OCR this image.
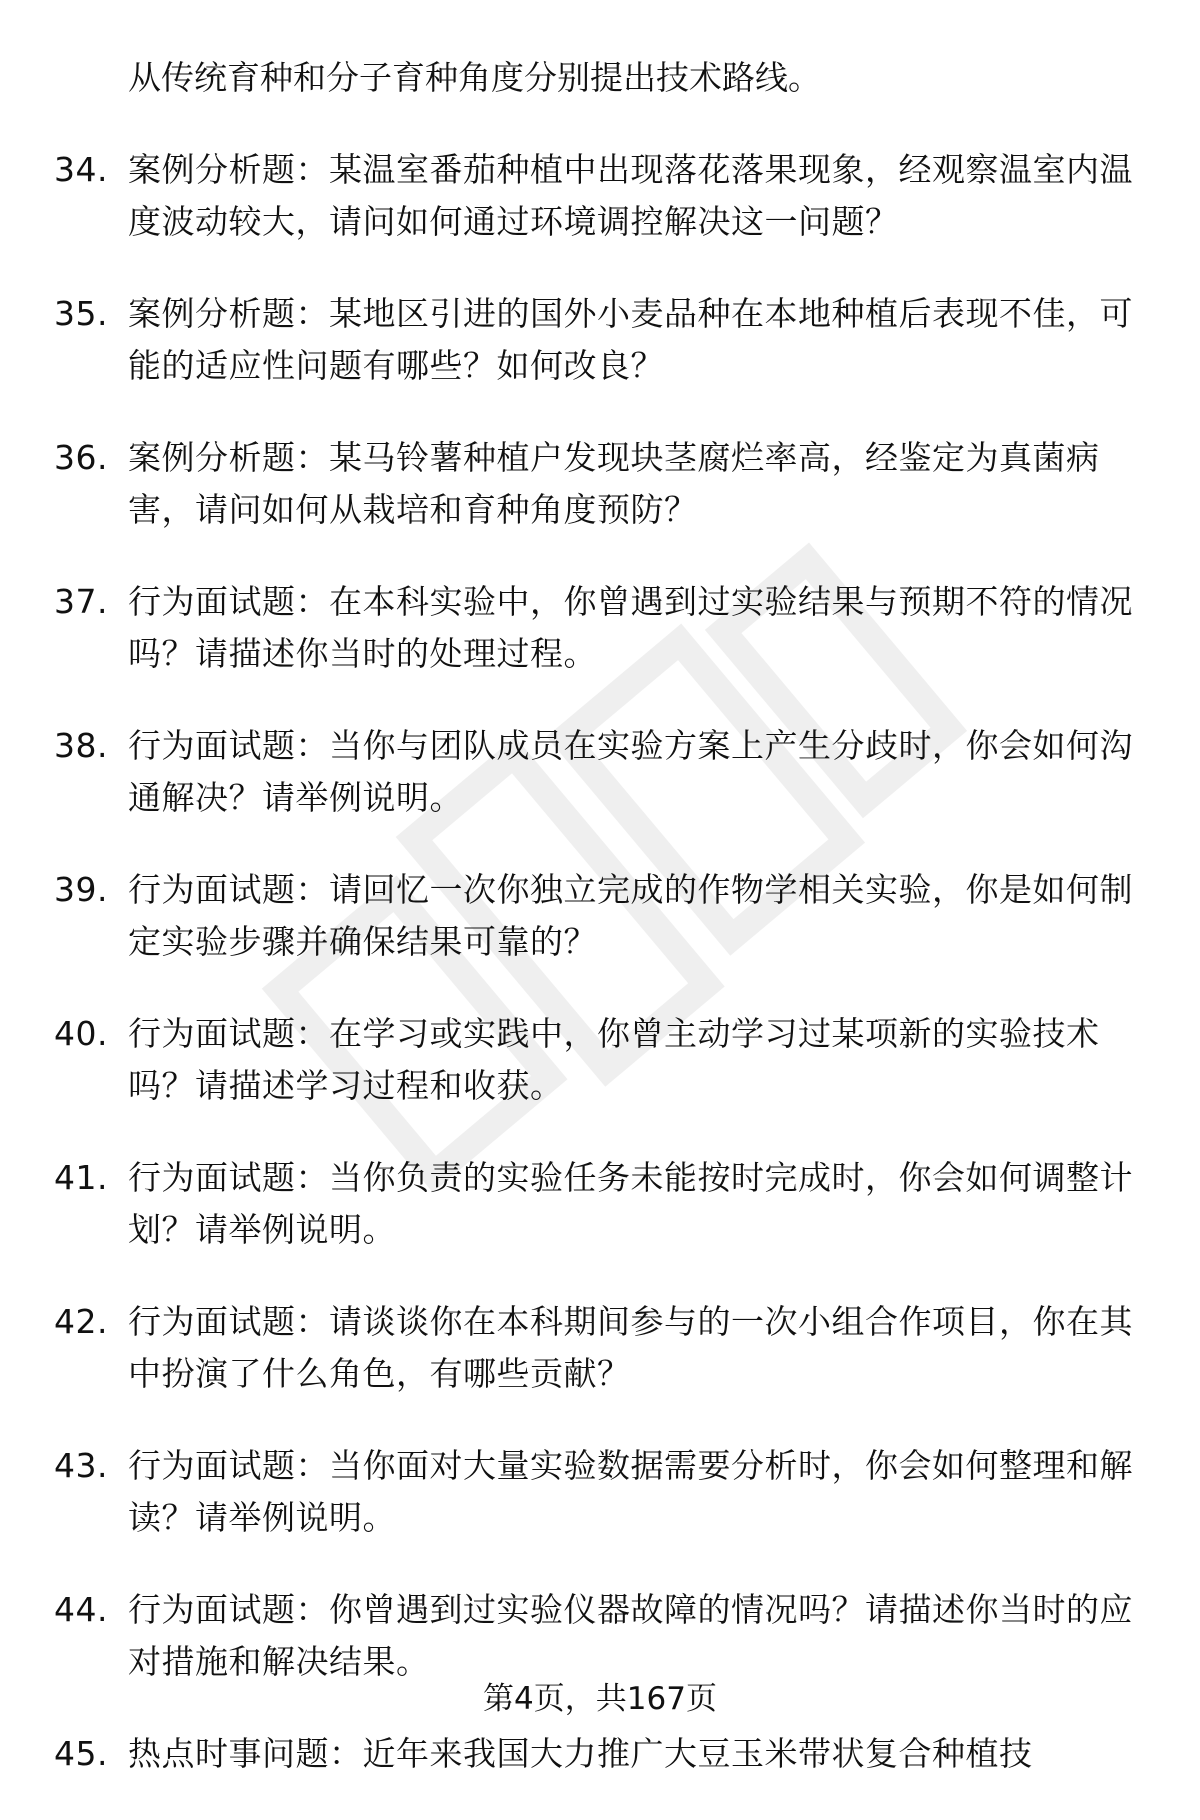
从传统育种和分子育种角度分别提出技术路线。
34. 案例分析题：某温室番茄种植中出现落花落果现象，经观察温室内温度波动较大，请问如何通过环境调控解决这一问题？
35. 案例分析题：某地区引进的国外小麦品种在本地种植后表现不佳，可能的适应性问题有哪些？如何改良？
36. 案例分析题：某马铃薯种植户发现块茎腐烂率高，经鉴定为真菌病害，请问如何从栽培和育种角度预防？
37. 行为面试题：在本科实验中，你曾遇到过实验结果与预期不符的情况吗？请描述你当时的处理过程。
38. 行为面试题：当你与团队成员在实验方案上产生分歧时，你会如何沟通解决？请举例说明。
39. 行为面试题：请回忆一次你独立完成的作物学相关实验，你是如何制定实验步骤并确保结果可靠的？
40. 行为面试题：在学习或实践中，你曾主动学习过某项新的实验技术吗？请描述学习过程和收获。
41. 行为面试题：当你负责的实验任务未能按时完成时，你会如何调整计划？请举例说明。
42. 行为面试题：请谈谈你在本科期间参与的一次小组合作项目，你在其中扮演了什么角色，有哪些贡献？
43. 行为面试题：当你面对大量实验数据需要分析时，你会如何整理和解读？请举例说明。
44. 行为面试题：你曾遇到过实验仪器故障的情况吗？请描述你当时的应对措施和解决结果。
45. 热点时事问题：近年来我国大力推广大豆玉米带状复合种植技
第4页，共167页
